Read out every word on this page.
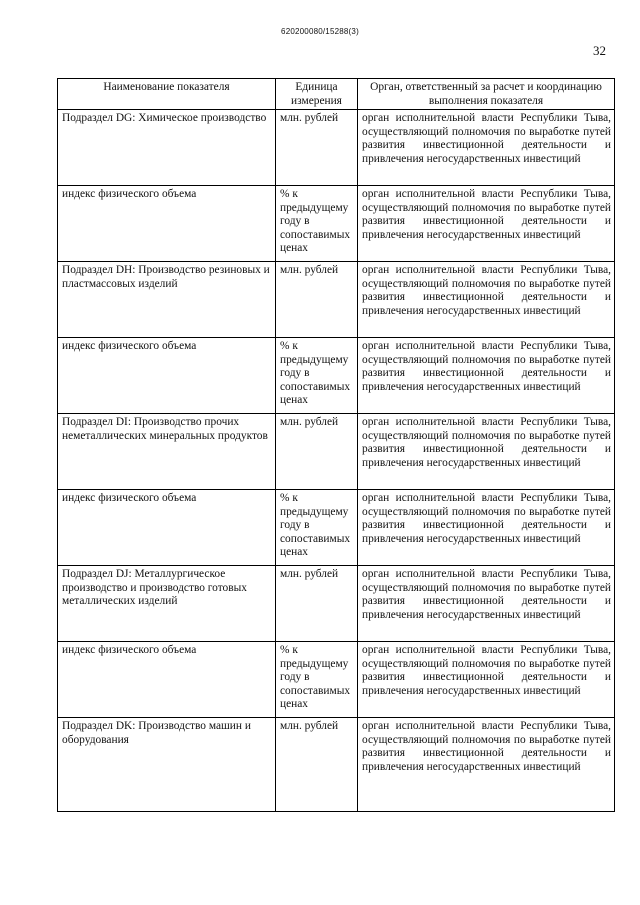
620200080/15288(3)
32
Наименование показателя	Единица измерения	Орган, ответственный за расчет и координацию выполнения показателя
Подраздел DG: Химическое производство	млн. рублей	орган исполнительной власти Республики Тыва, осуществляющий полномочия по выработке путей развития инвестиционной деятельности и привлечения негосударственных инвестиций
индекс физического объема	% к предыдущему году в сопоставимых ценах	орган исполнительной власти Республики Тыва, осуществляющий полномочия по выработке путей развития инвестиционной деятельности и привлечения негосударственных инвестиций
Подраздел DH: Производство резиновых и пластмассовых изделий	млн. рублей	орган исполнительной власти Республики Тыва, осуществляющий полномочия по выработке путей развития инвестиционной деятельности и привлечения негосударственных инвестиций
индекс физического объема	% к предыдущему году в сопоставимых ценах	орган исполнительной власти Республики Тыва, осуществляющий полномочия по выработке путей развития инвестиционной деятельности и привлечения негосударственных инвестиций
Подраздел DI: Производство прочих неметаллических минеральных продуктов	млн. рублей	орган исполнительной власти Республики Тыва, осуществляющий полномочия по выработке путей развития инвестиционной деятельности и привлечения негосударственных инвестиций
индекс физического объема	% к предыдущему году в сопоставимых ценах	орган исполнительной власти Республики Тыва, осуществляющий полномочия по выработке путей развития инвестиционной деятельности и привлечения негосударственных инвестиций
Подраздел DJ: Металлургическое производство и производство готовых металлических изделий	млн. рублей	орган исполнительной власти Республики Тыва, осуществляющий полномочия по выработке путей развития инвестиционной деятельности и привлечения негосударственных инвестиций
индекс физического объема	% к предыдущему году в сопоставимых ценах	орган исполнительной власти Республики Тыва, осуществляющий полномочия по выработке путей развития инвестиционной деятельности и привлечения негосударственных инвестиций
Подраздел DK: Производство машин и оборудования	млн. рублей	орган исполнительной власти Республики Тыва, осуществляющий полномочия по выработке путей развития инвестиционной деятельности и привлечения негосударственных инвестиций
